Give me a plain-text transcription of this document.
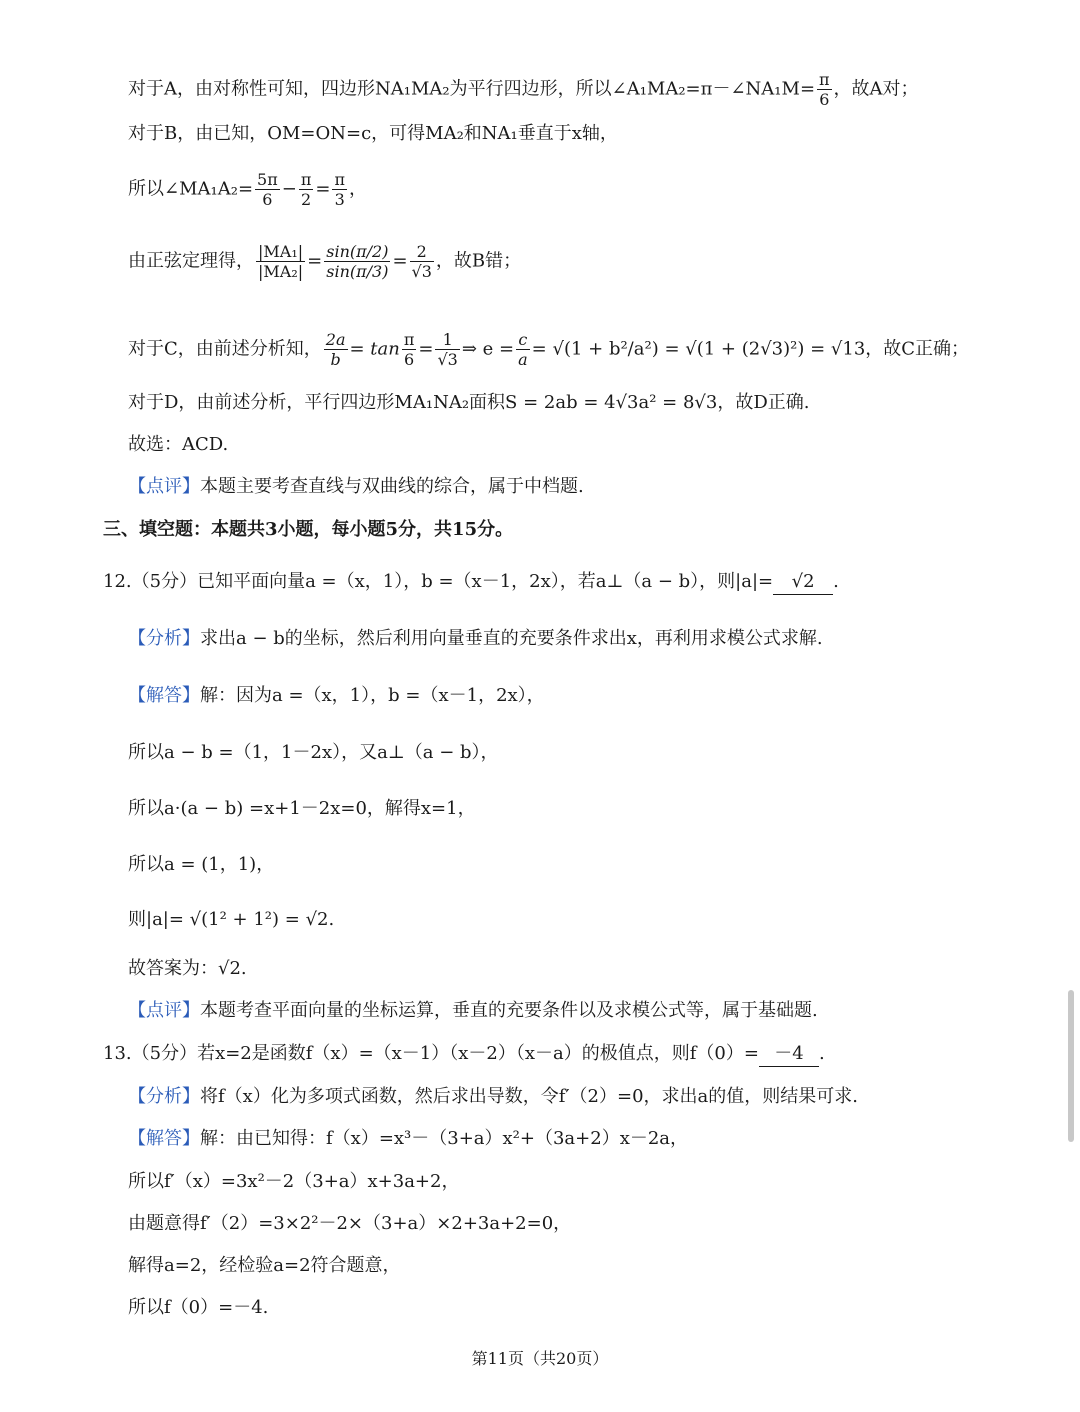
对于A，由对称性可知，四边形NA₁MA₂为平行四边形，所以∠A₁MA₂=π－∠NA₁M= $\frac{\pi}{6}$ ，故A对；
对于B，由已知，OM=ON=c，可得MA₂和NA₁垂直于x轴，
所以∠MA₁A₂= $\frac{5\pi}{6} - \frac{\pi}{2} = \frac{\pi}{3}$ ，
由正弦定理得， $\frac{\text{|MA₁|}}{\text{|MA₂|}} = \frac{\sin(\pi/2)}{\sin(\pi/3)} = \frac{2}{√3}$ ，故B错；
对于C，由前述分析知， $\frac{2a}{b} = \tan \frac{\pi}{6} = \frac{1}{√3}$ ⇒ $e = \frac{c}{a} = √(1 + b^2/a^2) = √(1 + (2√3)^2) = √13$，故C正确；
对于D，由前述分析，平行四边形MA₁NA₂面积S = 2ab = 4√3a² = 8√3，故D正确.
故选：ACD.
【点评】本题主要考查直线与双曲线的综合，属于中档题.
三、填空题：本题共3小题，每小题5分，共15分。
12.（5分）已知平面向量a =（x，1），b =（x－1，2x），若a⊥（a − b），则|a|= √2 .
【分析】求出a − b的坐标，然后利用向量垂直的充要条件求出x，再利用求模公式求解.
【解答】解：因为a =（x，1），b =（x－1，2x），
所以a − b =（1，1－2x），又a⊥（a − b），
所以a·(a − b) =x+1－2x=0，解得x=1，
所以a = (1，1)，
则|a|= √(1² + 1²) = √2.
故答案为：√2.
【点评】本题考查平面向量的坐标运算，垂直的充要条件以及求模公式等，属于基础题.
13.（5分）若x=2是函数f（x）=（x－1）（x－2）（x－a）的极值点，则f（0）= －4 .
【分析】将f（x）化为多项式函数，然后求出导数，令f′（2）=0，求出a的值，则结果可求.
【解答】解：由已知得：f（x）=x³－（3+a）x²+（3a+2）x－2a，
所以f′（x）=3x²－2（3+a）x+3a+2，
由题意得f′（2）=3×2²－2×（3+a）×2+3a+2=0，
解得a=2，经检验a=2符合题意，
所以f（0）=－4.
第11页（共20页）
